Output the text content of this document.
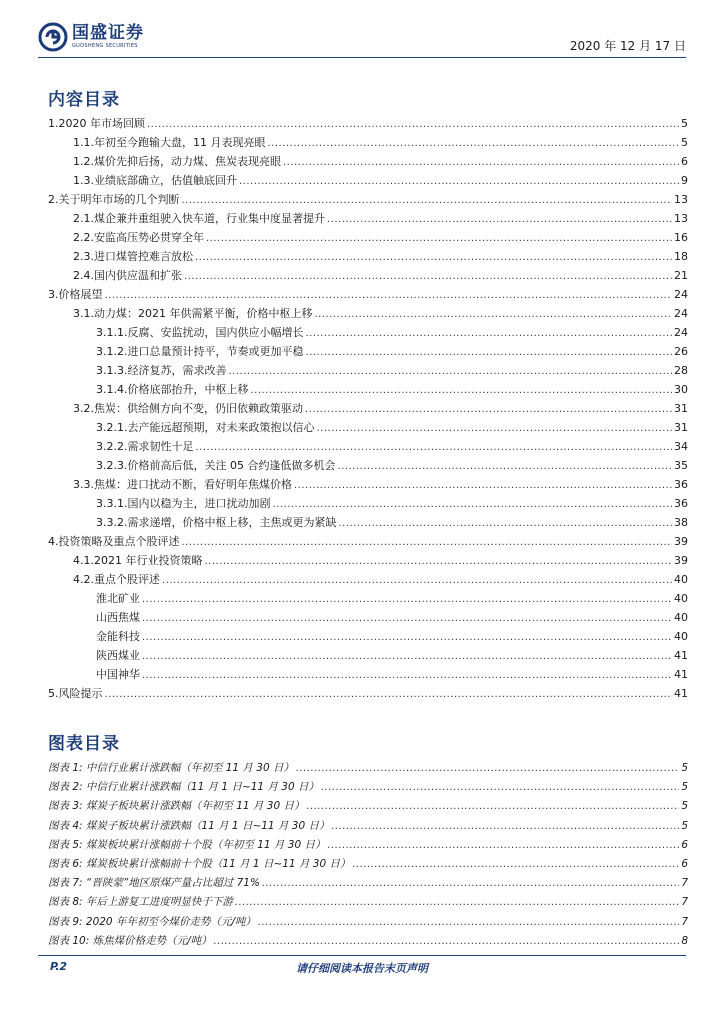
国盛证券
GUOSHENG SECURITIES	2020 年 12 月 17 日
内容目录
1.2020 年市场回顾 .....	5
1.1.年初至今跑输大盘，11 月表现亮眼 .....	5
1.2.煤价先抑后扬，动力煤、焦炭表现亮眼 .....	6
1.3.业绩底部确立，估值触底回升 .....	9
2.关于明年市场的几个判断 .....	13
2.1.煤企兼并重组驶入快车道，行业集中度显著提升 .....	13
2.2.安监高压势必贯穿全年 .....	16
2.3.进口煤管控难言放松 .....	18
2.4.国内供应温和扩张 .....	21
3.价格展望 .....	24
3.1.动力煤：2021 年供需紧平衡，价格中枢上移 .....	24
3.1.1.反腐、安监扰动，国内供应小幅增长 .....	24
3.1.2.进口总量预计持平，节奏或更加平稳 .....	26
3.1.3.经济复苏，需求改善 .....	28
3.1.4.价格底部抬升，中枢上移 .....	30
3.2.焦炭：供给侧方向不变，仍旧依赖政策驱动 .....	31
3.2.1.去产能远超预期，对未来政策抱以信心 .....	31
3.2.2.需求韧性十足 .....	34
3.2.3.价格前高后低，关注 05 合约逢低做多机会 .....	35
3.3.焦煤：进口扰动不断，看好明年焦煤价格 .....	36
3.3.1.国内以稳为主，进口扰动加剧 .....	36
3.3.2.需求递增，价格中枢上移，主焦或更为紧缺 .....	38
4.投资策略及重点个股评述 .....	39
4.1.2021 年行业投资策略 .....	39
4.2.重点个股评述 .....	40
淮北矿业 .....	40
山西焦煤 .....	40
金能科技 .....	40
陕西煤业 .....	41
中国神华 .....	41
5.风险提示 .....	41
图表目录
图表 1: 中信行业累计涨跌幅（年初至 11 月 30 日） .....	5
图表 2: 中信行业累计涨跌幅（11 月 1 日~11 月 30 日） .....	5
图表 3: 煤炭子板块累计涨跌幅（年初至 11 月 30 日） .....	5
图表 4: 煤炭子板块累计涨跌幅（11 月 1 日~11 月 30 日） .....	5
图表 5: 煤炭板块累计涨幅前十个股（年初至 11 月 30 日） .....	6
图表 6: 煤炭板块累计涨幅前十个股（11 月 1 日~11 月 30 日） .....	6
图表 7: “晋陕蒙”地区原煤产量占比超过 71% .....	7
图表 8: 年后上游复工进度明显快于下游 .....	7
图表 9: 2020 年年初至今煤价走势（元/吨） .....	7
图表 10: 炼焦煤价格走势（元/吨） .....	8
P.2	请仔细阅读本报告末页声明
